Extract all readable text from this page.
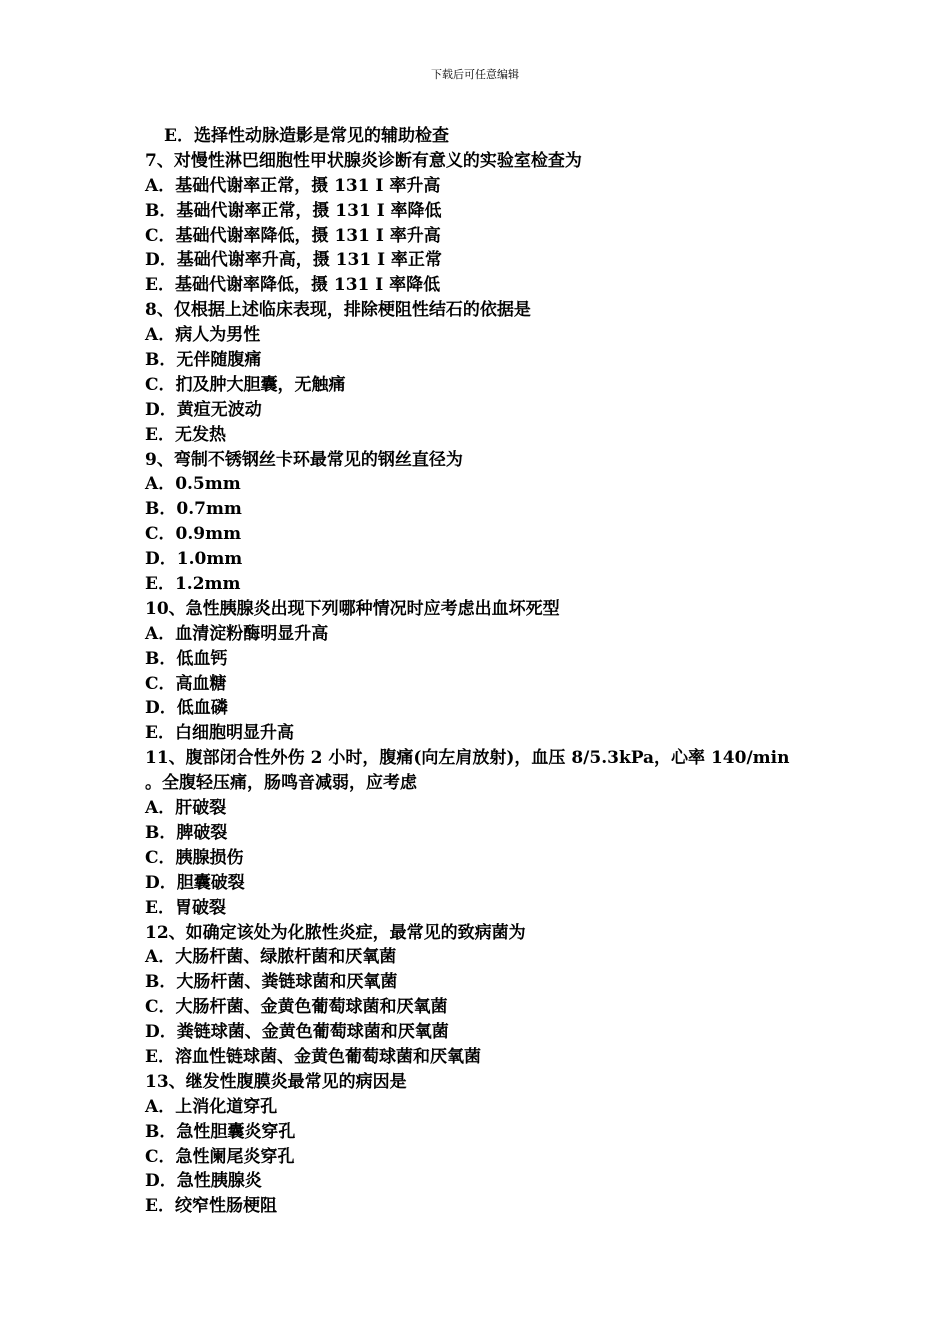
下载后可任意编辑
E．选择性动脉造影是常见的辅助检查
7、对慢性淋巴细胞性甲状腺炎诊断有意义的实验室检查为
A．基础代谢率正常，摄 131 I 率升高
B．基础代谢率正常，摄 131 I 率降低
C．基础代谢率降低，摄 131 I 率升高
D．基础代谢率升高，摄 131 I 率正常
E．基础代谢率降低，摄 131 I 率降低
8、仅根据上述临床表现，排除梗阻性结石的依据是
A．病人为男性
B．无伴随腹痛
C．扪及肿大胆囊，无触痛
D．黄疸无波动
E．无发热
9、弯制不锈钢丝卡环最常见的钢丝直径为
A．0.5mm
B．0.7mm
C．0.9mm
D．1.0mm
E．1.2mm
10、急性胰腺炎出现下列哪种情况时应考虑出血坏死型
A．血清淀粉酶明显升高
B．低血钙
C．高血糖
D．低血磷
E．白细胞明显升高
11、腹部闭合性外伤 2 小时，腹痛(向左肩放射)，血压 8/5.3kPa，心率 140/min
。全腹轻压痛，肠鸣音减弱，应考虑
A．肝破裂
B．脾破裂
C．胰腺损伤
D．胆囊破裂
E．胃破裂
12、如确定该处为化脓性炎症，最常见的致病菌为
A．大肠杆菌、绿脓杆菌和厌氧菌
B．大肠杆菌、粪链球菌和厌氧菌
C．大肠杆菌、金黄色葡萄球菌和厌氧菌
D．粪链球菌、金黄色葡萄球菌和厌氧菌
E．溶血性链球菌、金黄色葡萄球菌和厌氧菌
13、继发性腹膜炎最常见的病因是
A．上消化道穿孔
B．急性胆囊炎穿孔
C．急性阑尾炎穿孔
D．急性胰腺炎
E．绞窄性肠梗阻
